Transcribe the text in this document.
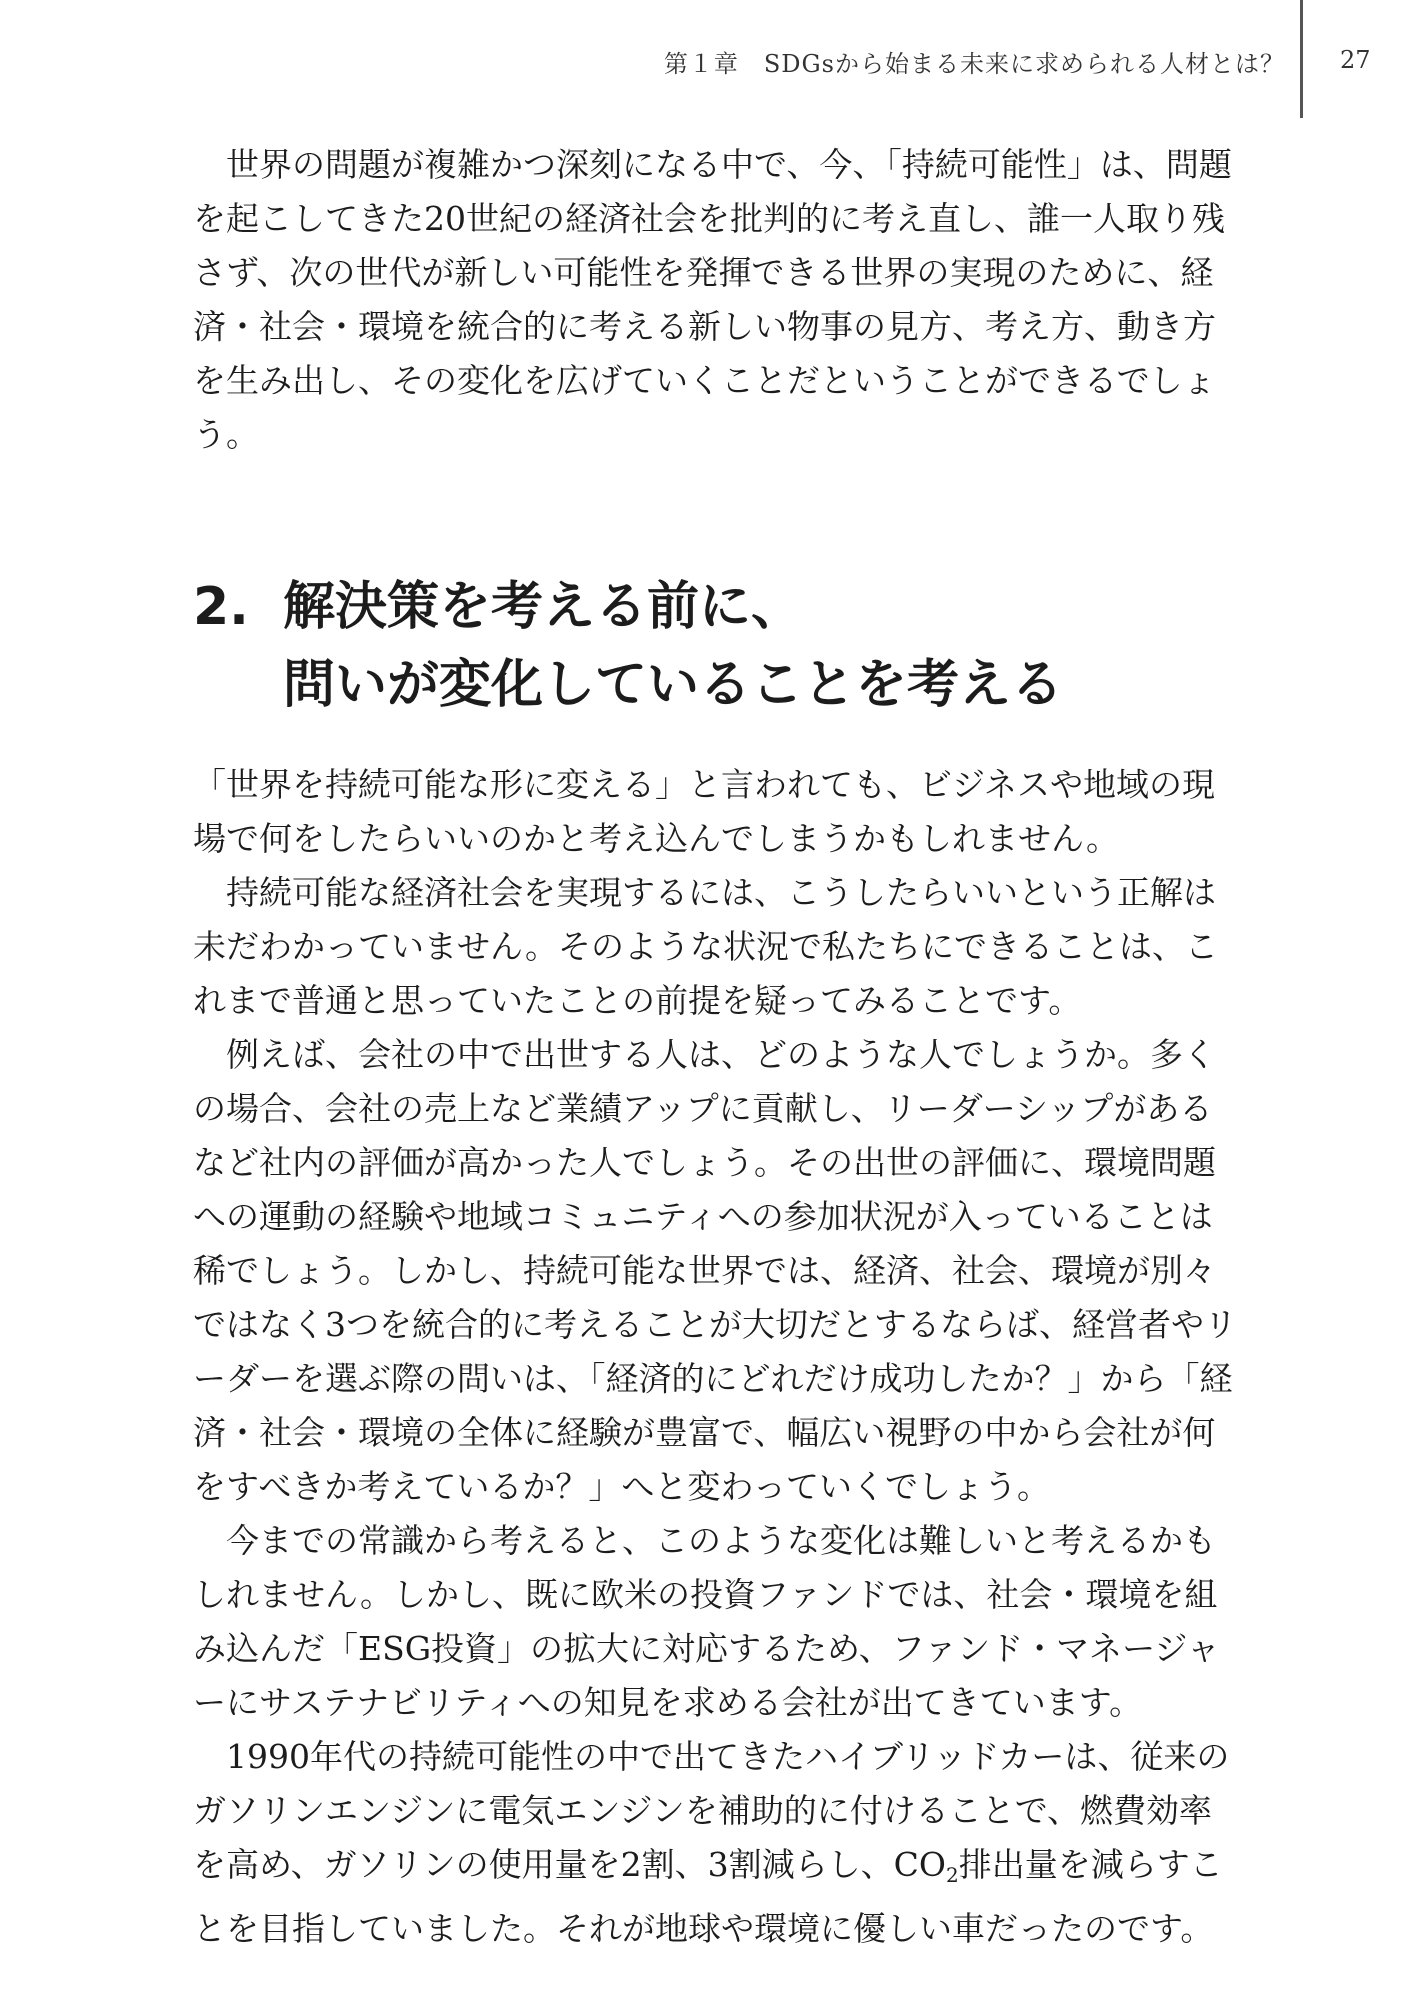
第１章　SDGsから始まる未来に求められる人材とは？ 27

世界の問題が複雑かつ深刻になる中で、今、「持続可能性」は、問題を起こしてきた20世紀の経済社会を批判的に考え直し、誰一人取り残さず、次の世代が新しい可能性を発揮できる世界の実現のために、経済・社会・環境を統合的に考える新しい物事の見方、考え方、動き方を生み出し、その変化を広げていくことだということができるでしょう。

2. 解決策を考える前に、
問いが変化していることを考える

「世界を持続可能な形に変える」と言われても、ビジネスや地域の現場で何をしたらいいのかと考え込んでしまうかもしれません。

持続可能な経済社会を実現するには、こうしたらいいという正解は未だわかっていません。そのような状況で私たちにできることは、これまで普通と思っていたことの前提を疑ってみることです。

例えば、会社の中で出世する人は、どのような人でしょうか。多くの場合、会社の売上など業績アップに貢献し、リーダーシップがあるなど社内の評価が高かった人でしょう。その出世の評価に、環境問題への運動の経験や地域コミュニティへの参加状況が入っていることは稀でしょう。しかし、持続可能な世界では、経済、社会、環境が別々ではなく3つを統合的に考えることが大切だとするならば、経営者やリーダーを選ぶ際の問いは、「経済的にどれだけ成功したか？」から「経済・社会・環境の全体に経験が豊富で、幅広い視野の中から会社が何をすべきか考えているか？」へと変わっていくでしょう。

今までの常識から考えると、このような変化は難しいと考えるかもしれません。しかし、既に欧米の投資ファンドでは、社会・環境を組み込んだ「ESG投資」の拡大に対応するため、ファンド・マネージャーにサステナビリティへの知見を求める会社が出てきています。

1990年代の持続可能性の中で出てきたハイブリッドカーは、従来のガソリンエンジンに電気エンジンを補助的に付けることで、燃費効率を高め、ガソリンの使用量を2割、3割減らし、$CO_2$排出量を減らすことを目指していました。それが地球や環境に優しい車だったのです。
